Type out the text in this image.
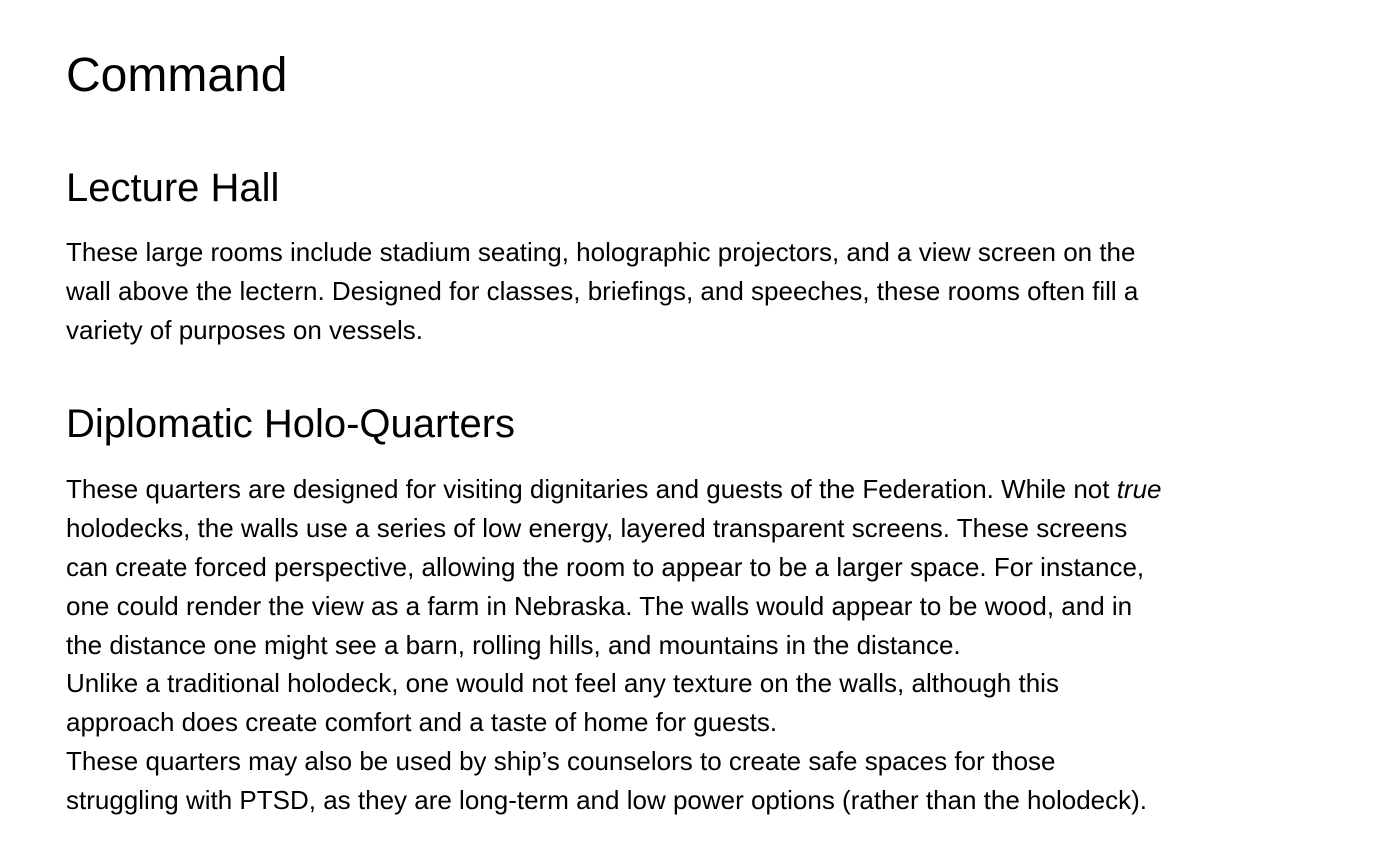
Command
Lecture Hall

These large rooms include stadium seating, holographic projectors, and a view screen on the
wall above the lectern. Designed for classes, briefings, and speeches, these rooms often fill a
variety of purposes on vessels.

Diplomatic Holo-Quarters

These quarters are designed for visiting dignitaries and guests of the Federation. While not true
holodecks, the walls use a series of low energy, layered transparent screens. These screens
can create forced perspective, allowing the room to appear to be a larger space. For instance,
one could render the view as a farm in Nebraska. The walls would appear to be wood, and in
the distance one might see a barn, rolling hills, and mountains in the distance.

Unlike a traditional holodeck, one would not feel any texture on the walls, although this
approach does create comfort and a taste of home for guests.

These quarters may also be used by ship’s counselors to create safe spaces for those
struggling with PTSD, as they are long-term and low power options (rather than the holodeck).
